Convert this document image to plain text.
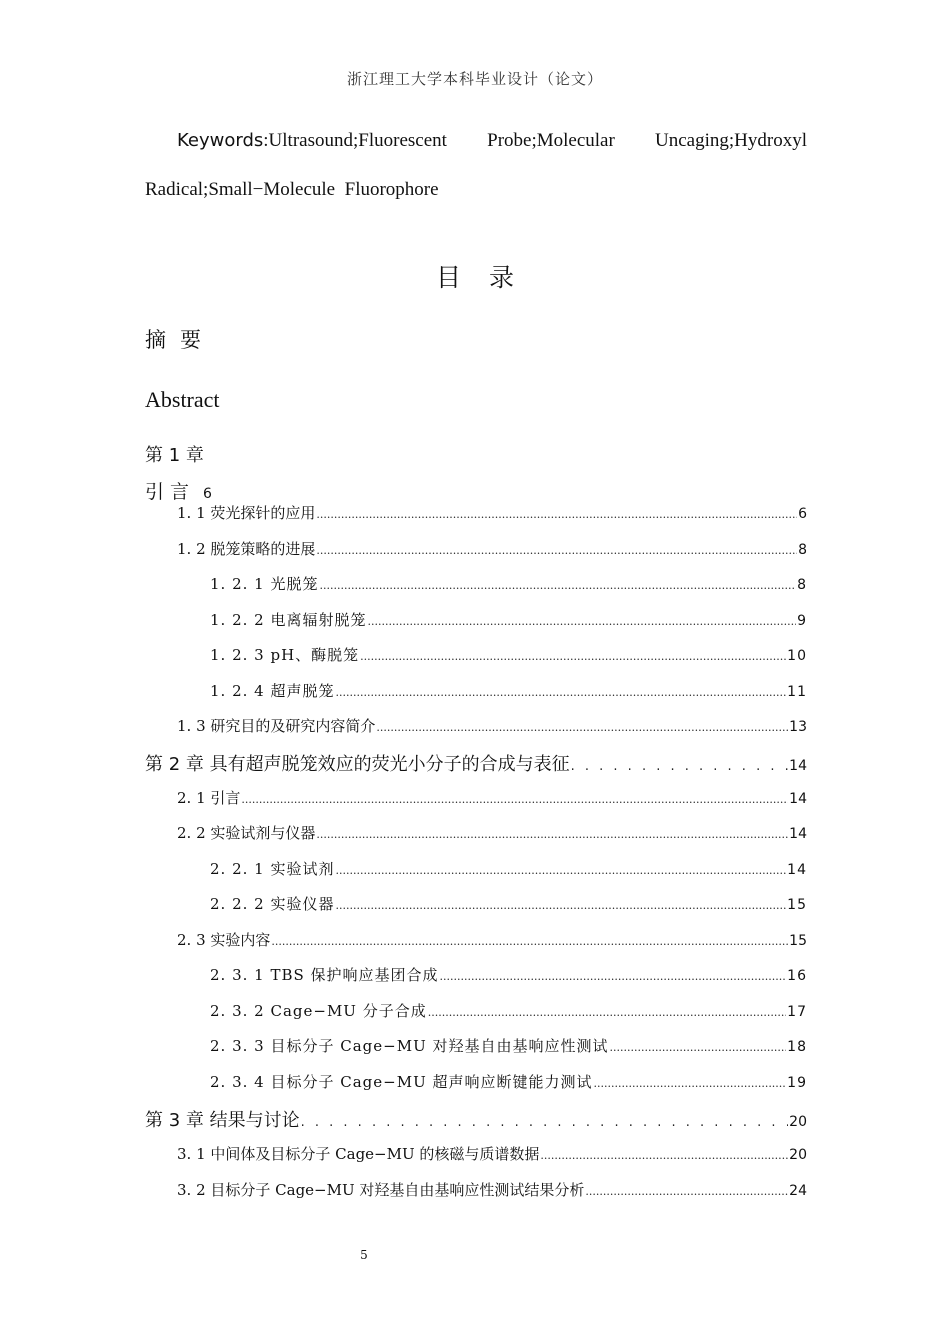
浙江理工大学本科毕业设计（论文）
Keywords:Ultrasound;Fluorescent Probe;Molecular Uncaging;Hydroxyl
Radical;Small−Molecule Fluorophore
目录
摘要
Abstract
第 1 章
引言 6
1. 1 荧光探针的应用 .....	6
1. 2 脱笼策略的进展 .....	8
1. 2. 1 光脱笼 .....	8
1. 2. 2 电离辐射脱笼 .....	9
1. 2. 3 pH、酶脱笼 .....	10
1. 2. 4 超声脱笼 .....	11
1. 3 研究目的及研究内容简介 .....	13
第 2 章 具有超声脱笼效应的荧光小分子的合成与表征 . . .	14
2. 1 引言 .....	14
2. 2 实验试剂与仪器 .....	14
2. 2. 1 实验试剂 .....	14
2. 2. 2 实验仪器 .....	15
2. 3 实验内容 .....	15
2. 3. 1 TBS 保护响应基团合成 .....	16
2. 3. 2 Cage−MU 分子合成 .....	17
2. 3. 3 目标分子 Cage−MU 对羟基自由基响应性测试 .....	18
2. 3. 4 目标分子 Cage−MU 超声响应断键能力测试 .....	19
第 3 章 结果与讨论 . . .	20
3. 1 中间体及目标分子 Cage−MU 的核磁与质谱数据 .....	20
3. 2 目标分子 Cage−MU 对羟基自由基响应性测试结果分析 .....	24
5
